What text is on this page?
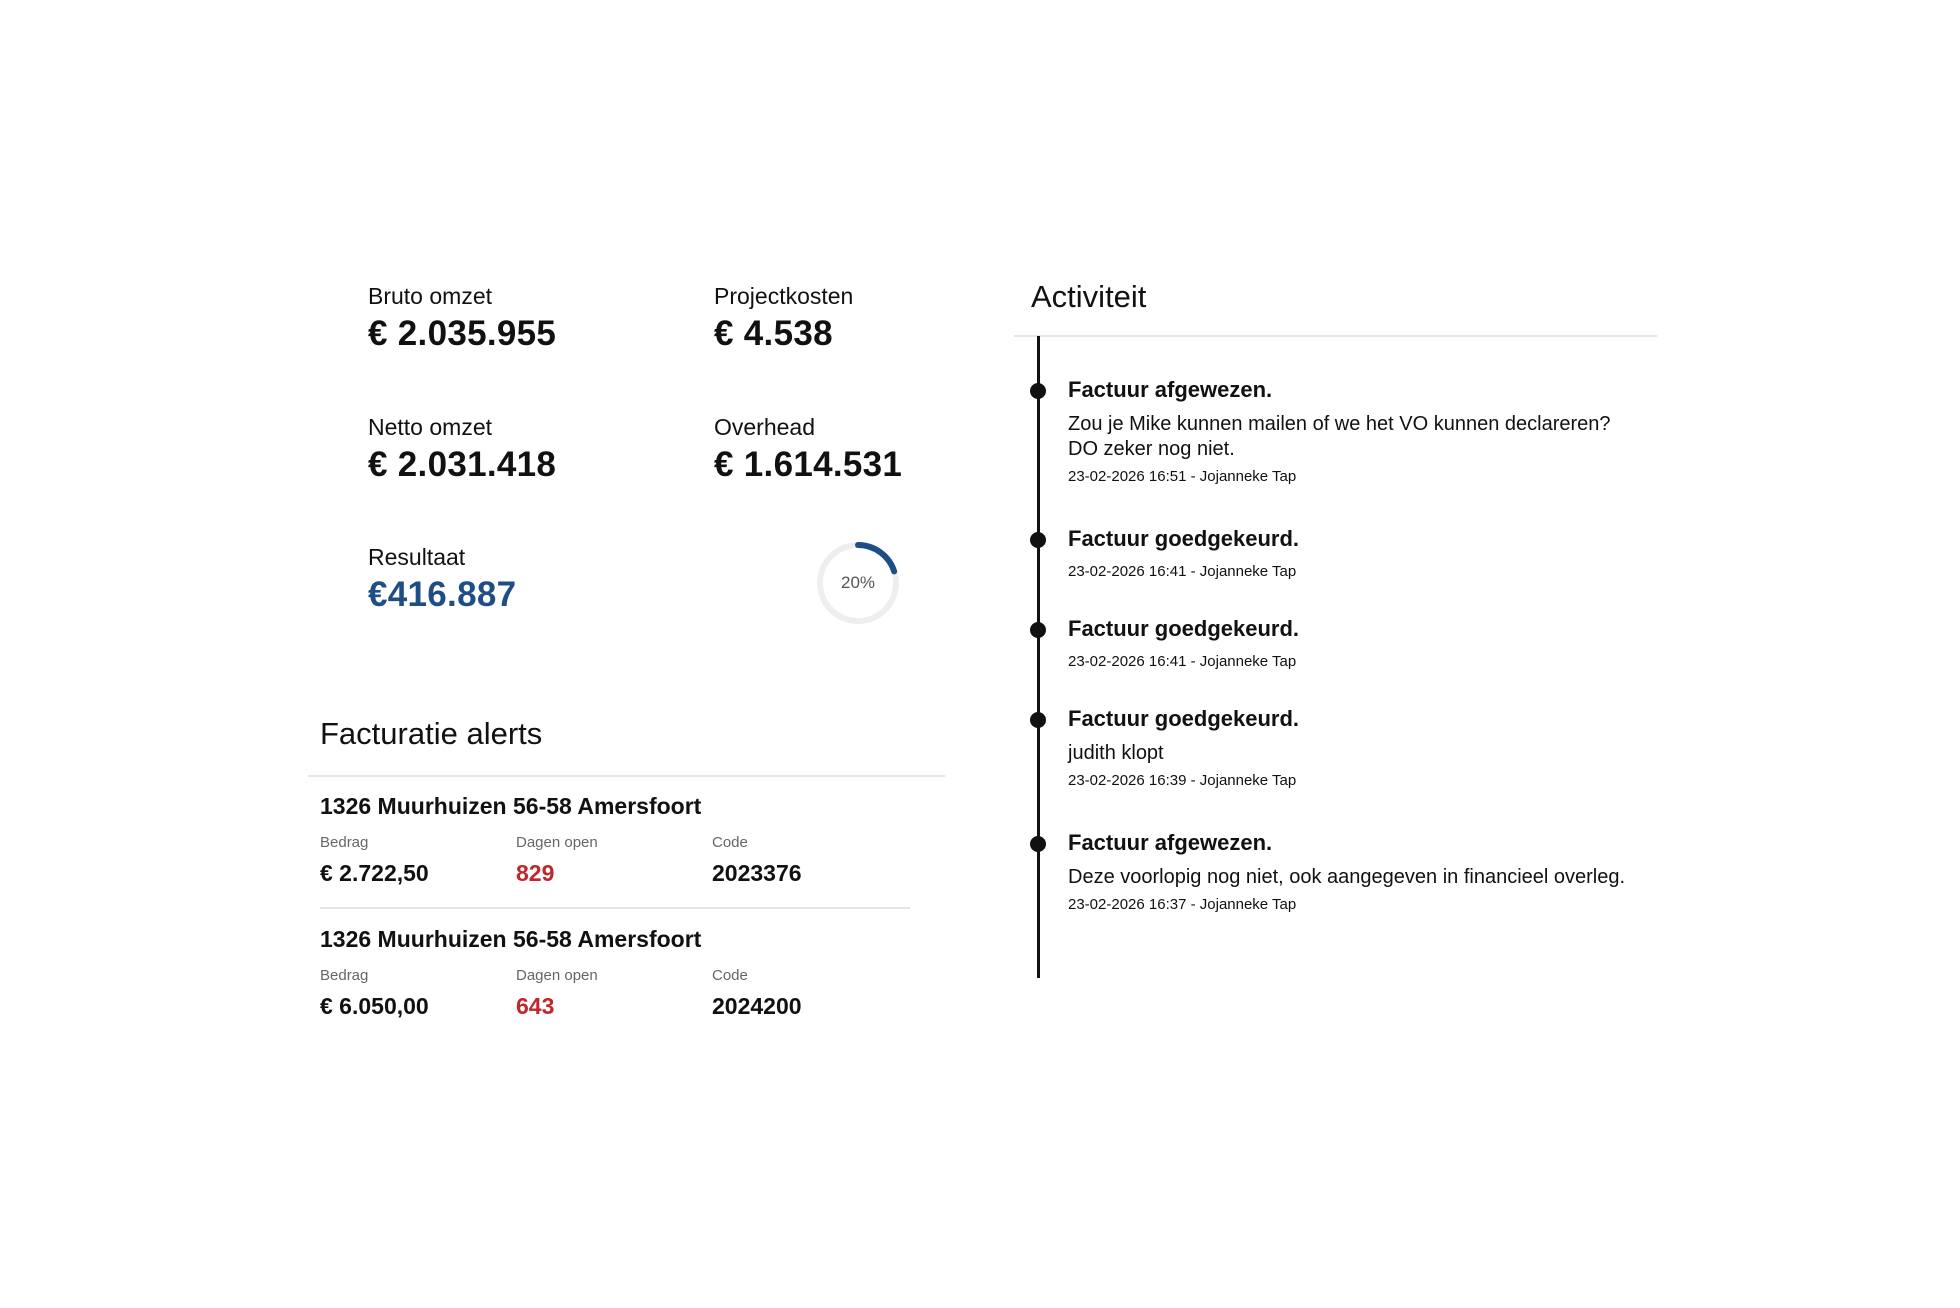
Bruto omzet
€ 2.035.955
Projectkosten
€ 4.538
Netto omzet
€ 2.031.418
Overhead
€ 1.614.531
Resultaat
€416.887	20%
Facturatie alerts
1326 Muurhuizen 56-58 Amersfoort
Bedrag
€ 2.722,50
Dagen open
829
Code
2023376
1326 Muurhuizen 56-58 Amersfoort
Bedrag
€ 6.050,00
Dagen open
643
Code
2024200
Activiteit
Factuur afgewezen.
Zou je Mike kunnen mailen of we het VO kunnen declareren? DO zeker nog niet.
23-02-2026 16:51 - Jojanneke Tap
Factuur goedgekeurd.
23-02-2026 16:41 - Jojanneke Tap
Factuur goedgekeurd.
23-02-2026 16:41 - Jojanneke Tap
Factuur goedgekeurd.
judith klopt
23-02-2026 16:39 - Jojanneke Tap
Factuur afgewezen.
Deze voorlopig nog niet, ook aangegeven in financieel overleg.
23-02-2026 16:37 - Jojanneke Tap
